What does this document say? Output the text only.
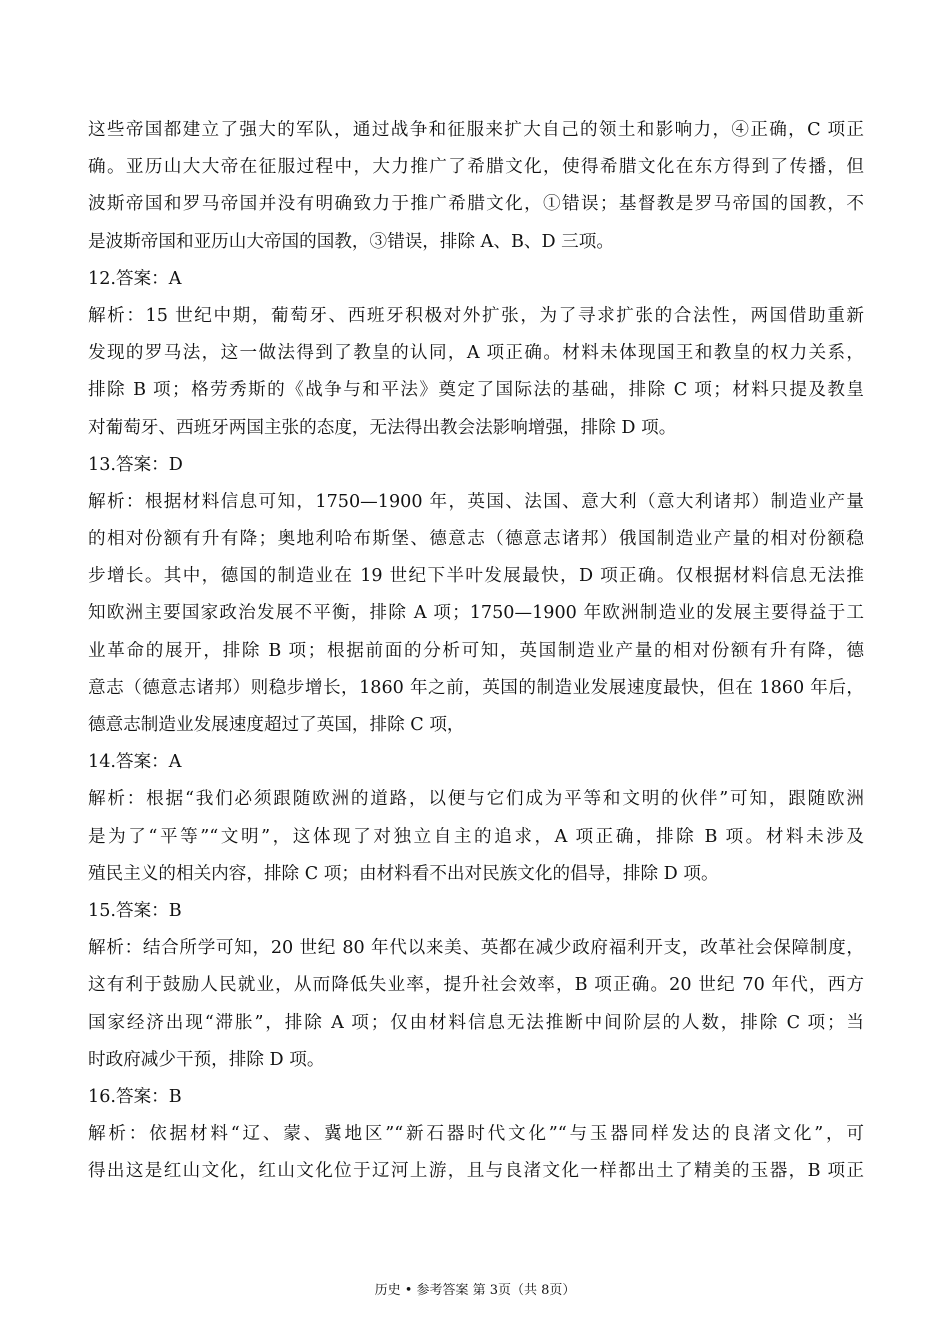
这些帝国都建立了强大的军队，通过战争和征服来扩大自己的领土和影响力，④正确，C 项正
确。亚历山大大帝在征服过程中，大力推广了希腊文化，使得希腊文化在东方得到了传播，但
波斯帝国和罗马帝国并没有明确致力于推广希腊文化，①错误；基督教是罗马帝国的国教，不
是波斯帝国和亚历山大帝国的国教，③错误，排除 A、B、D 三项。
12.答案：A
解析：15 世纪中期，葡萄牙、西班牙积极对外扩张，为了寻求扩张的合法性，两国借助重新
发现的罗马法，这一做法得到了教皇的认同，A 项正确。材料未体现国王和教皇的权力关系，
排除 B 项；格劳秀斯的《战争与和平法》奠定了国际法的基础，排除 C 项；材料只提及教皇
对葡萄牙、西班牙两国主张的态度，无法得出教会法影响增强，排除 D 项。
13.答案：D
解析：根据材料信息可知，1750—1900 年，英国、法国、意大利（意大利诸邦）制造业产量
的相对份额有升有降；奥地利哈布斯堡、德意志（德意志诸邦）俄国制造业产量的相对份额稳
步增长。其中，德国的制造业在 19 世纪下半叶发展最快，D 项正确。仅根据材料信息无法推
知欧洲主要国家政治发展不平衡，排除 A 项；1750—1900 年欧洲制造业的发展主要得益于工
业革命的展开，排除 B 项；根据前面的分析可知，英国制造业产量的相对份额有升有降，德
意志（德意志诸邦）则稳步增长，1860 年之前，英国的制造业发展速度最快，但在 1860 年后，
德意志制造业发展速度超过了英国，排除 C 项，
14.答案：A
解析：根据“我们必须跟随欧洲的道路，以便与它们成为平等和文明的伙伴”可知，跟随欧洲
是为了“平等”“文明”，这体现了对独立自主的追求，A 项正确，排除 B 项。材料未涉及
殖民主义的相关内容，排除 C 项；由材料看不出对民族文化的倡导，排除 D 项。
15.答案：B
解析：结合所学可知，20 世纪 80 年代以来美、英都在减少政府福利开支，改革社会保障制度，
这有利于鼓励人民就业，从而降低失业率，提升社会效率，B 项正确。20 世纪 70 年代，西方
国家经济出现“滞胀”，排除 A 项；仅由材料信息无法推断中间阶层的人数，排除 C 项；当
时政府减少干预，排除 D 项。
16.答案：B
解析：依据材料“辽、蒙、冀地区”“新石器时代文化”“与玉器同样发达的良渚文化”，可
得出这是红山文化，红山文化位于辽河上游，且与良渚文化一样都出土了精美的玉器，B 项正
历史 • 参考答案 第 3页（共 8页）
